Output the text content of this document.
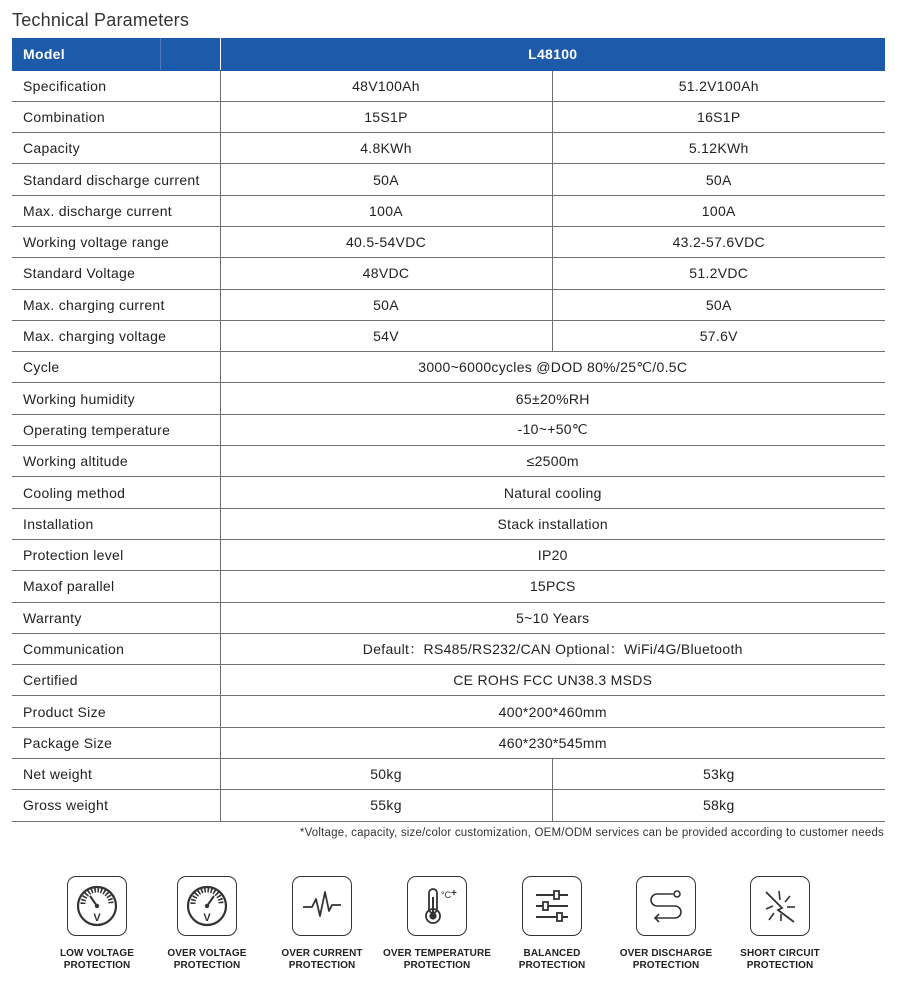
Technical Parameters
Model	L48100	
Specification	48V100Ah	51.2V100Ah
Combination	15S1P	16S1P
Capacity	4.8KWh	5.12KWh
Standard discharge current	50A	50A
Max. discharge current	100A	100A
Working voltage range	40.5-54VDC	43.2-57.6VDC
Standard Voltage	48VDC	51.2VDC
Max. charging current	50A	50A
Max. charging voltage	54V	57.6V
Cycle	3000~6000cycles @DOD 80%/25℃/0.5C	
Working humidity	65±20%RH	
Operating temperature	-10~+50℃	
Working altitude	≤2500m	
Cooling method	Natural cooling	
Installation	Stack installation	
Protection level	IP20	
Maxof parallel	15PCS	
Warranty	5~10 Years	
Communication	Default：RS485/RS232/CAN Optional：WiFi/4G/Bluetooth	
Certified	CE ROHS FCC UN38.3 MSDS	
Product Size	400*200*460mm	
Package Size	460*230*545mm	
Net weight	50kg	53kg
Gross weight	55kg	58kg
*Voltage, capacity, size/color customization, OEM/ODM services can be provided according to customer needs
V
LOW VOLTAGE
PROTECTION
V
OVER VOLTAGE
PROTECTION
OVER CURRENT
PROTECTION
°C +
OVER TEMPERATURE
PROTECTION
BALANCED
PROTECTION
OVER DISCHARGE
PROTECTION
SHORT CIRCUIT
PROTECTION
